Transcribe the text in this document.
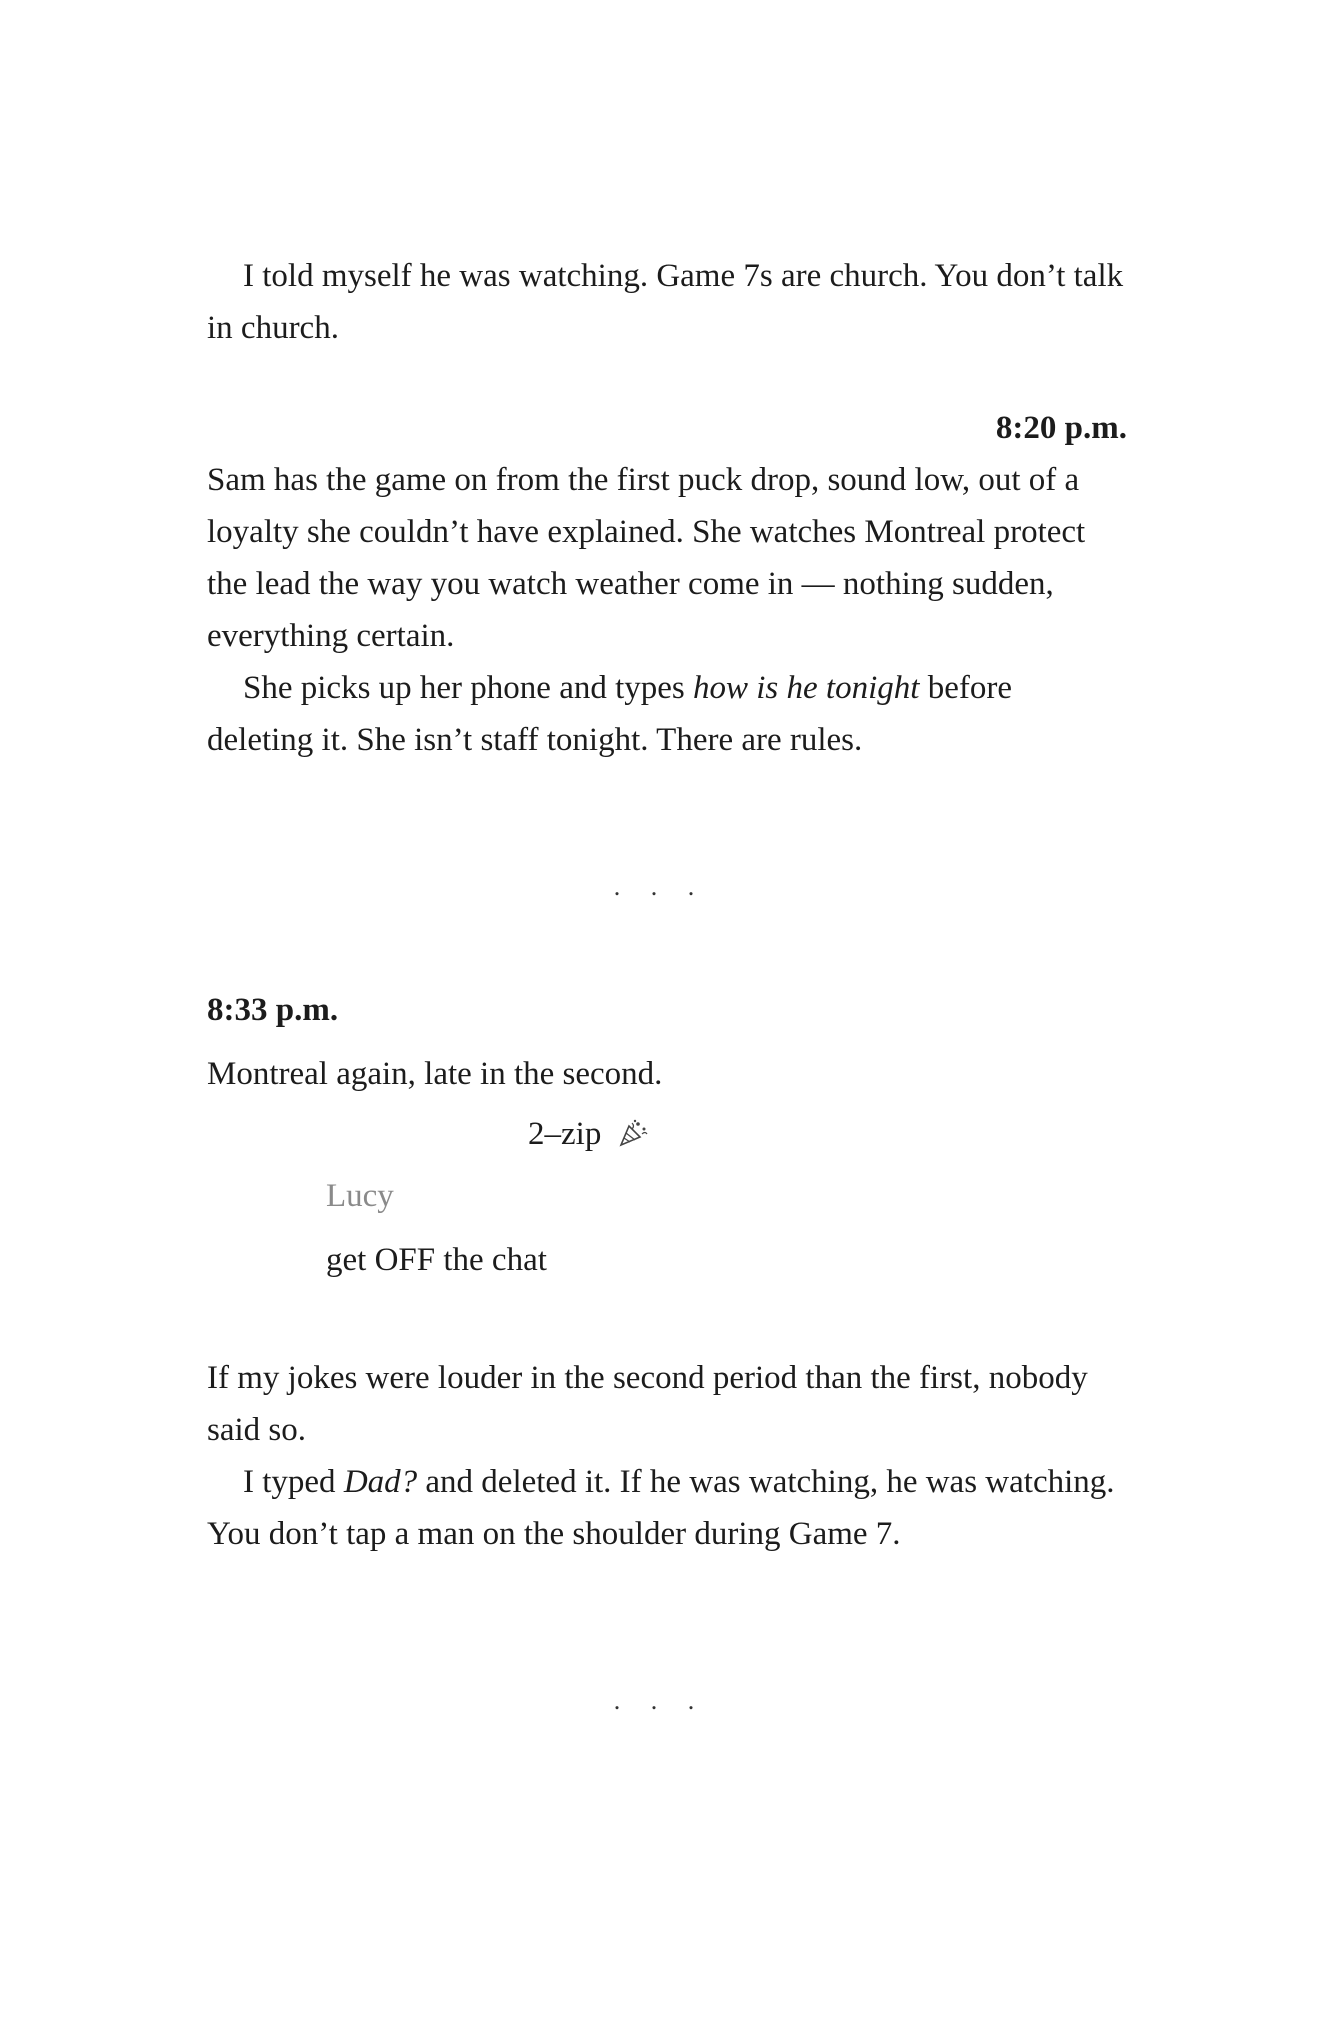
I told myself he was watching. Game 7s are church. You don’t talk in church.

8:20 p.m.

Sam has the game on from the first puck drop, sound low, out of a loyalty she couldn’t have explained. She watches Montreal protect the lead the way you watch weather come in — nothing sudden, everything certain.

She picks up her phone and types how is he tonight before deleting it. She isn’t staff tonight. There are rules.

. . .

8:33 p.m.

Montreal again, late in the second.

2–zip
Lucy
get OFF the chat

If my jokes were louder in the second period than the first, nobody said so.

I typed Dad? and deleted it. If he was watching, he was watching. You don’t tap a man on the shoulder during Game 7.

. . .
